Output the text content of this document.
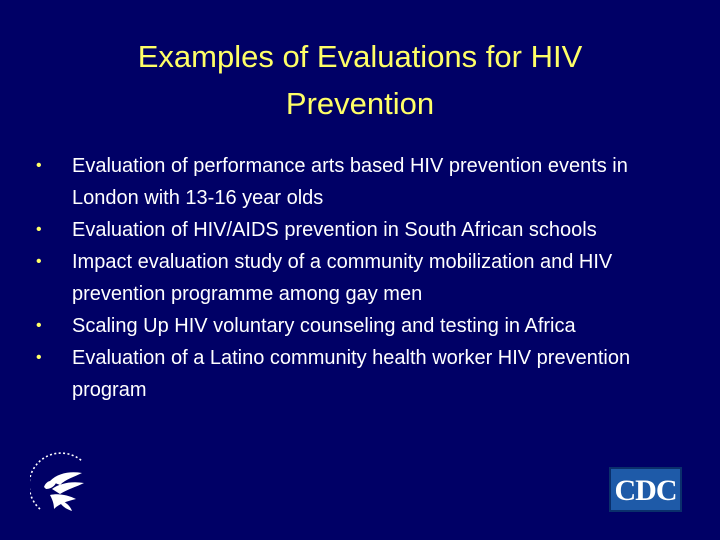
Examples of Evaluations for HIV Prevention
• Evaluation of performance arts based HIV prevention events in London with 13-16 year olds
• Evaluation of HIV/AIDS prevention in South African schools
• Impact evaluation study of a community mobilization and HIV prevention programme among gay men
• Scaling Up HIV voluntary counseling and testing in Africa
• Evaluation of a Latino community health worker HIV prevention program
CDC
